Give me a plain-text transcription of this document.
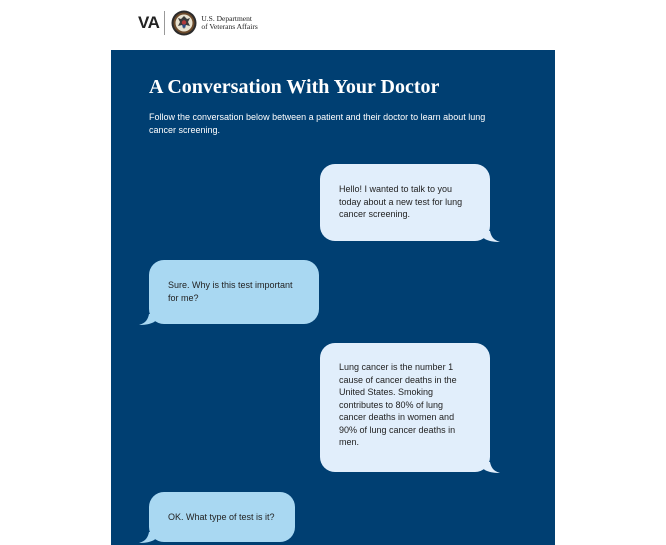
VA	U.S. Department
of Veterans Affairs
A Conversation With Your Doctor

Follow the conversation below between a patient and their doctor to learn about lung cancer screening.

Hello! I wanted to talk to you today about a new test for lung cancer screening.
Sure. Why is this test important for me?
Lung cancer is the number 1 cause of cancer deaths in the United States. Smoking contributes to 80% of lung cancer deaths in women and 90% of lung cancer deaths in men.
OK. What type of test is it?
